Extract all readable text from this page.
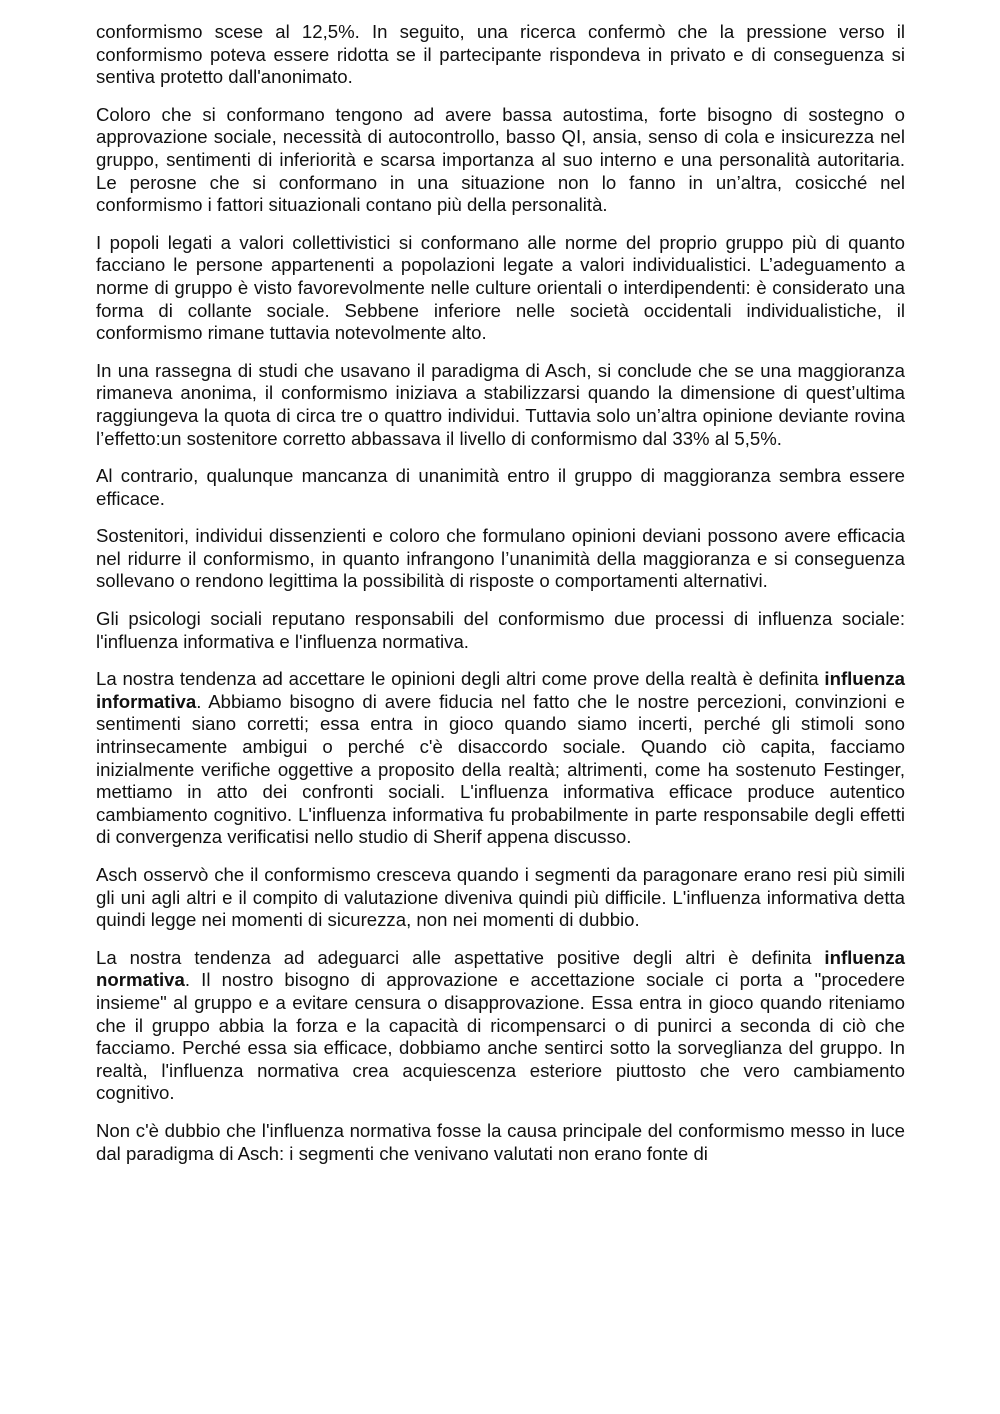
conformismo scese al 12,5%. In seguito, una ricerca confermò che la pressione verso il conformismo poteva essere ridotta se il partecipante rispondeva in privato e di conseguenza si sentiva protetto dall'anonimato.

Coloro che si conformano tengono ad avere bassa autostima, forte bisogno di sostegno o approvazione sociale, necessità di autocontrollo, basso QI, ansia, senso di cola e insicurezza nel gruppo, sentimenti di inferiorità e scarsa importanza al suo interno e una personalità autoritaria. Le perosne che si conformano in una situazione non lo fanno in un’altra, cosicché nel conformismo i fattori situazionali contano più della personalità.

I popoli legati a valori collettivistici si conformano alle norme del proprio gruppo più di quanto facciano le persone appartenenti a popolazioni legate a valori individualistici. L’adeguamento a norme di gruppo è visto favorevolmente nelle culture orientali o interdipendenti: è considerato una forma di collante sociale. Sebbene inferiore nelle società occidentali individualistiche, il conformismo rimane tuttavia notevolmente alto.

In una rassegna di studi che usavano il paradigma di Asch, si conclude che se una maggioranza rimaneva anonima, il conformismo iniziava a stabilizzarsi quando la dimensione di quest’ultima raggiungeva la quota di circa tre o quattro individui. Tuttavia solo un’altra opinione deviante rovina l’effetto:un sostenitore corretto abbassava il livello di conformismo dal 33% al 5,5%.

Al contrario, qualunque mancanza di unanimità entro il gruppo di maggioranza sembra essere efficace.

Sostenitori, individui dissenzienti e coloro che formulano opinioni deviani possono avere efficacia nel ridurre il conformismo, in quanto infrangono l’unanimità della maggioranza e si conseguenza sollevano o rendono legittima la possibilità di risposte o comportamenti alternativi.

Gli psicologi sociali reputano responsabili del conformismo due processi di influenza sociale: l'influenza informativa e l'influenza normativa.

La nostra tendenza ad accettare le opinioni degli altri come prove della realtà è definita influenza informativa. Abbiamo bisogno di avere fiducia nel fatto che le nostre percezioni, convinzioni e sentimenti siano corretti; essa entra in gioco quando siamo incerti, perché gli stimoli sono intrinsecamente ambigui o perché c'è disaccordo sociale. Quando ciò capita, facciamo inizialmente verifiche oggettive a proposito della realtà; altrimenti, come ha sostenuto Festinger, mettiamo in atto dei confronti sociali. L'influenza informativa efficace produce autentico cambiamento cognitivo. L'influenza informativa fu probabilmente in parte responsabile degli effetti di convergenza verificatisi nello studio di Sherif appena discusso.

Asch osservò che il conformismo cresceva quando i segmenti da paragonare erano resi più simili gli uni agli altri e il compito di valutazione diveniva quindi più difficile. L'influenza informativa detta quindi legge nei momenti di sicurezza, non nei momenti di dubbio.

La nostra tendenza ad adeguarci alle aspettative positive degli altri è definita influenza normativa. Il nostro bisogno di approvazione e accettazione sociale ci porta a "procedere insieme" al gruppo e a evitare censura o disapprovazione. Essa entra in gioco quando riteniamo che il gruppo abbia la forza e la capacità di ricompensarci o di punirci a seconda di ciò che facciamo. Perché essa sia efficace, dobbiamo anche sentirci sotto la sorveglianza del gruppo. In realtà, l'influenza normativa crea acquiescenza esteriore piuttosto che vero cambiamento cognitivo.

Non c'è dubbio che l'influenza normativa fosse la causa principale del conformismo messo in luce dal paradigma di Asch: i segmenti che venivano valutati non erano fonte di
